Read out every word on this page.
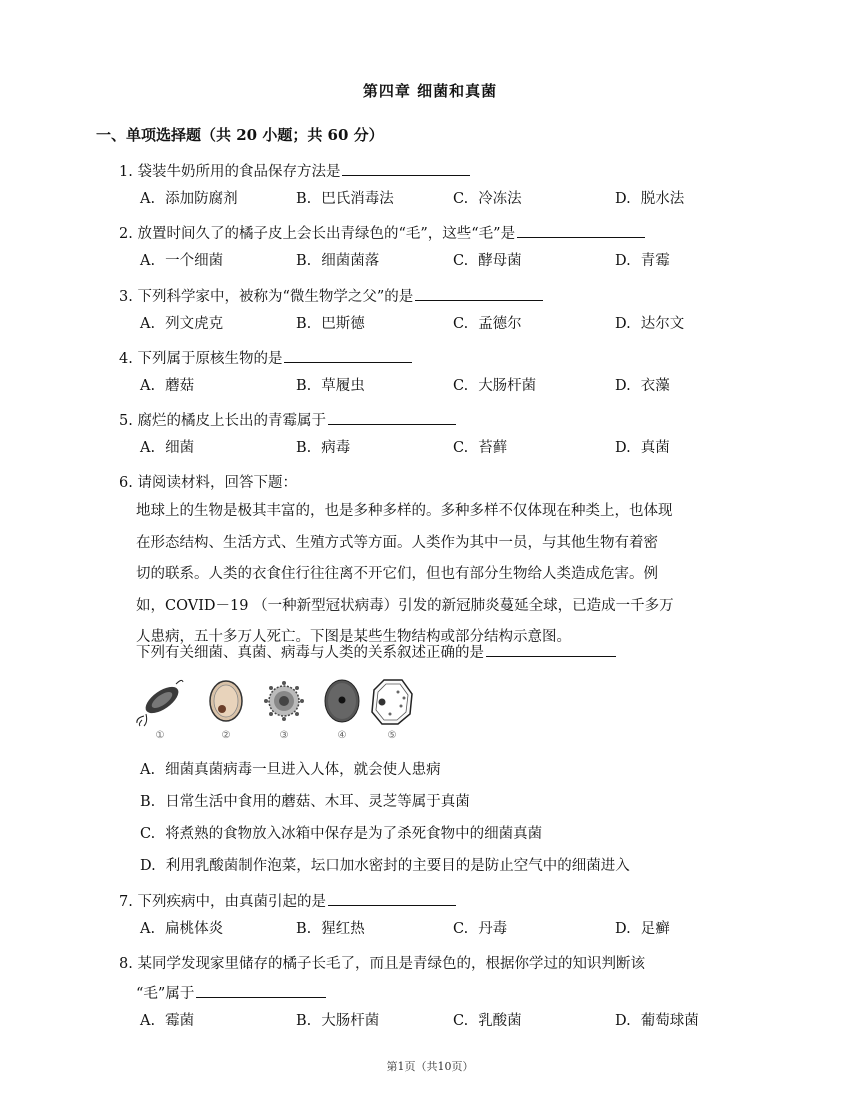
第四章 细菌和真菌
一、单项选择题（共 20 小题；共 60 分）
1. 袋装牛奶所用的食品保存方法是
A. 添加防腐剂	B. 巴氏消毒法	C. 冷冻法	D. 脱水法
2. 放置时间久了的橘子皮上会长出青绿色的“毛”，这些“毛”是
A. 一个细菌	B. 细菌菌落	C. 酵母菌	D. 青霉
3. 下列科学家中，被称为“微生物学之父”的是
A. 列文虎克	B. 巴斯德	C. 孟德尔	D. 达尔文
4. 下列属于原核生物的是
A. 蘑菇	B. 草履虫	C. 大肠杆菌	D. 衣藻
5. 腐烂的橘皮上长出的青霉属于
A. 细菌	B. 病毒	C. 苔藓	D. 真菌
6. 请阅读材料，回答下题：
地球上的生物是极其丰富的，也是多种多样的。多种多样不仅体现在种类上，也体现
在形态结构、生活方式、生殖方式等方面。人类作为其中一员，与其他生物有着密
切的联系。人类的衣食住行往往离不开它们，但也有部分生物给人类造成危害。例
如，COVID－19 （一种新型冠状病毒）引发的新冠肺炎蔓延全球，已造成一千多万
人患病，五十多万人死亡。下图是某些生物结构或部分结构示意图。
下列有关细菌、真菌、病毒与人类的关系叙述正确的是
①	②	③	④	⑤
A. 细菌真菌病毒一旦进入人体，就会使人患病
B. 日常生活中食用的蘑菇、木耳、灵芝等属于真菌
C. 将煮熟的食物放入冰箱中保存是为了杀死食物中的细菌真菌
D. 利用乳酸菌制作泡菜，坛口加水密封的主要目的是防止空气中的细菌进入
7. 下列疾病中，由真菌引起的是
A. 扁桃体炎	B. 猩红热	C. 丹毒	D. 足癣
8. 某同学发现家里储存的橘子长毛了，而且是青绿色的，根据你学过的知识判断该
“毛”属于
A. 霉菌	B. 大肠杆菌	C. 乳酸菌	D. 葡萄球菌
第1页（共10页）
